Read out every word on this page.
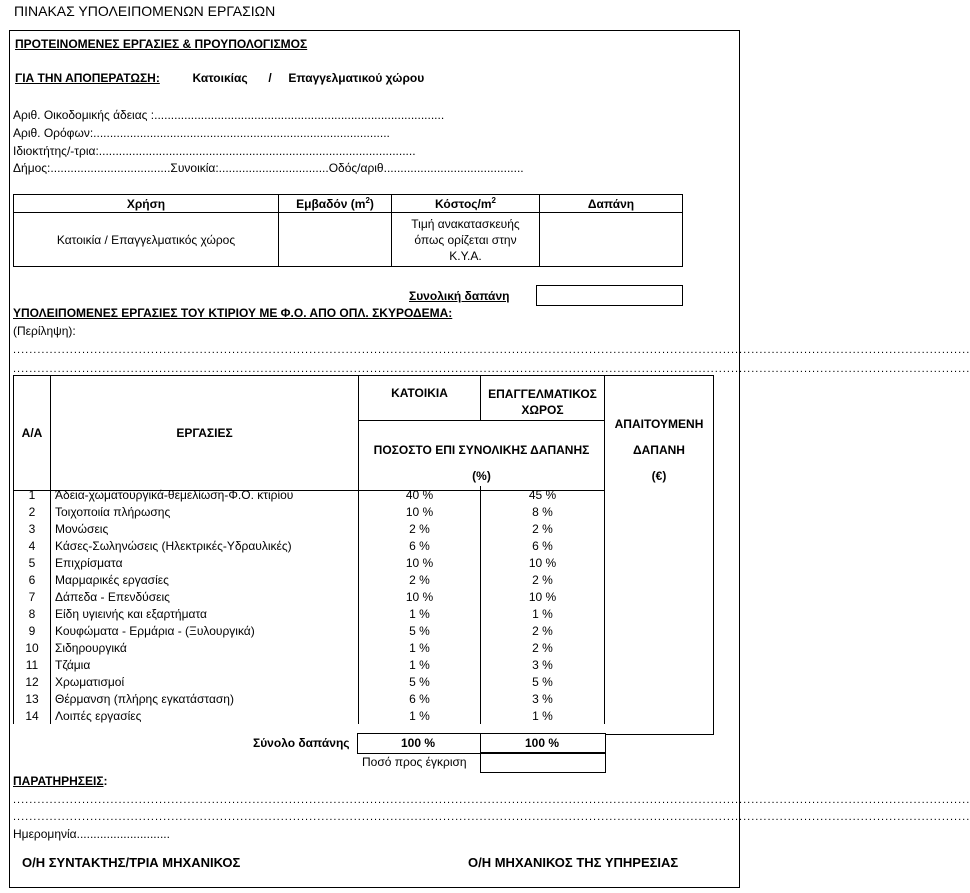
ΠΙΝΑΚΑΣ ΥΠΟΛΕΙΠΟΜΕΝΩΝ ΕΡΓΑΣΙΩΝ
ΠΡΟΤΕΙΝΟΜΕΝΕΣ ΕΡΓΑΣΙΕΣ & ΠΡΟΥΠΟΛΟΓΙΣΜΟΣ
ΓΙΑ ΤΗΝ ΑΠΟΠΕΡΑΤΩΣΗ:	Κατοικίας / Επαγγελματικού χώρου
Αριθ. Οικοδομικής άδειας :.......................................................................................
Αριθ. Ορόφων:.........................................................................................
Ιδιοκτήτης/-τρια:...............................................................................................
Δήμος:....................................Συνοικία:.................................Οδός/αριθ..........................................
Χρήση	Εμβαδόν $(m^2)$	Κόστος/$m^2$	Δαπάνη
Κατοικία / Επαγγελματικός χώρος		Τιμή ανακατασκευής όπως ορίζεται στην Κ.Υ.Α.	
Συνολική δαπάνη
ΥΠΟΛΕΙΠΟΜΕΝΕΣ ΕΡΓΑΣΙΕΣ ΤΟΥ ΚΤΙΡΙΟΥ ΜΕ Φ.Ο. ΑΠΟ ΟΠΛ. ΣΚΥΡΟΔΕΜΑ:
(Περίληψη):
............................................................................................................................................................................................................................................
............................................................................................................................................................................................................................................
Α/Α	ΕΡΓΑΣΙΕΣ	ΚΑΤΟΙΚΙΑ	ΕΠΑΓΓΕΛΜΑΤΙΚΟΣ ΧΩΡΟΣ

ΠΟΣΟΣΤΟ ΕΠΙ ΣΥΝΟΛΙΚΗΣ ΔΑΠΑΝΗΣ
(%)
ΑΠΑΙΤΟΥΜΕΝΗ
ΔΑΠΑΝΗ
(€)
1	Άδεια-χωματουργικά-θεμελίωση-Φ.Ο. κτιρίου	40 %	45 %
2	Τοιχοποιία πλήρωσης	10 %	8 %
3	Μονώσεις	2 %	2 %
4	Κάσες-Σωληνώσεις (Ηλεκτρικές-Υδραυλικές)	6 %	6 %
5	Επιχρίσματα	10 %	10 %
6	Μαρμαρικές εργασίες	2 %	2 %
7	Δάπεδα - Επενδύσεις	10 %	10 %
8	Είδη υγιεινής και εξαρτήματα	1 %	1 %
9	Κουφώματα - Ερμάρια - (Ξυλουργικά)	5 %	2 %
10	Σιδηρουργικά	1 %	2 %
11	Τζάμια	1 %	3 %
12	Χρωματισμοί	5 %	5 %
13	Θέρμανση (πλήρης εγκατάσταση)	6 %	3 %
14	Λοιπές εργασίες	1 %	1 %
Σύνολο δαπάνης	100 %	100 %
Ποσό προς έγκριση
ΠΑΡΑΤΗΡΗΣΕΙΣ:
............................................................................................................................................................................................................................................
............................................................................................................................................................................................................................................
Ημερομηνία............................
Ο/Η ΣΥΝΤΑΚΤΗΣ/ΤΡΙΑ ΜΗΧΑΝΙΚΟΣ	Ο/Η ΜΗΧΑΝΙΚΟΣ ΤΗΣ ΥΠΗΡΕΣΙΑΣ
